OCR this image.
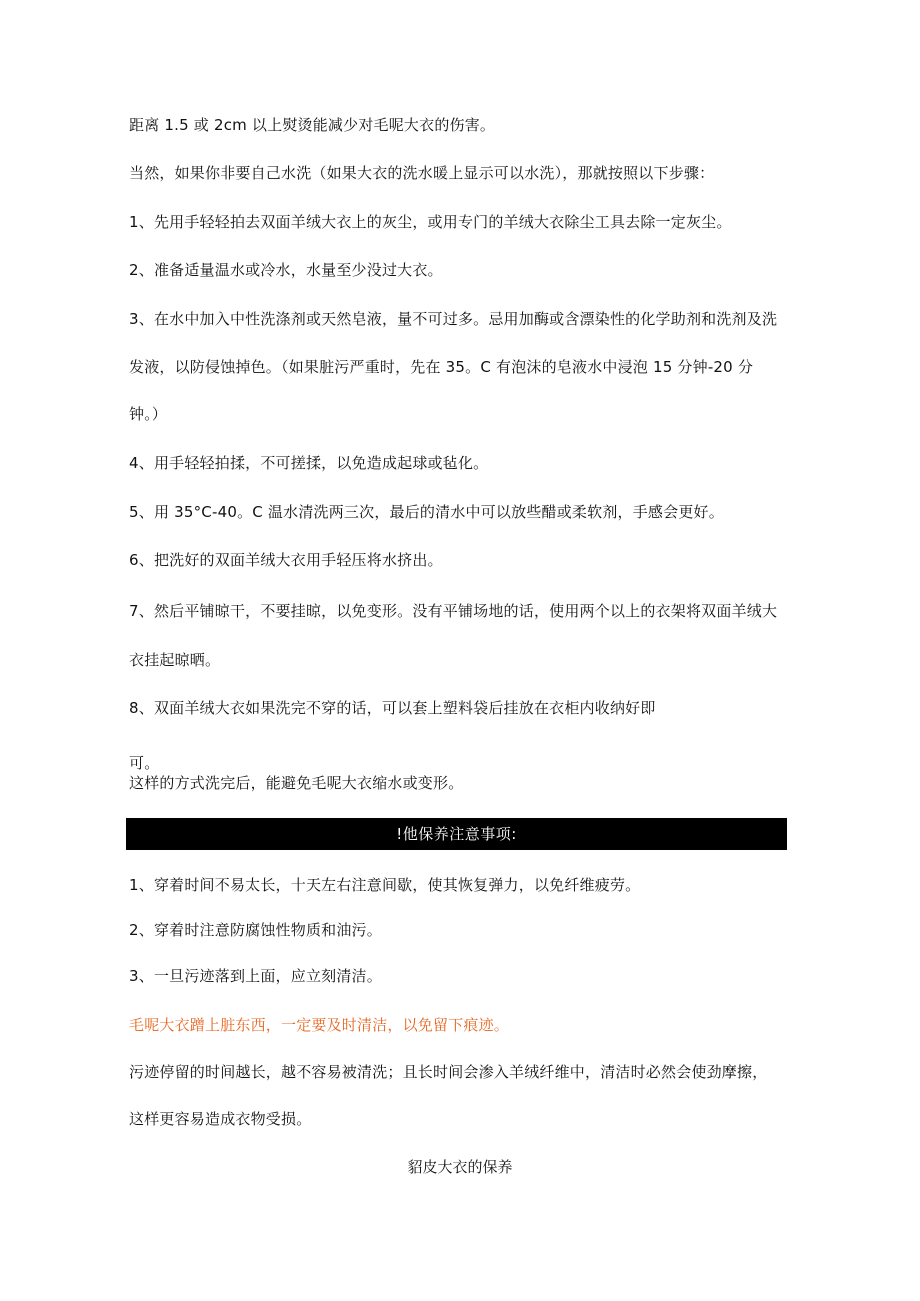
距离 1.5 或 2cm 以上熨烫能减少对毛呢大衣的伤害。
当然，如果你非要自己水洗（如果大衣的洗水暖上显示可以水洗），那就按照以下步骤：
1、先用手轻轻拍去双面羊绒大衣上的灰尘，或用专门的羊绒大衣除尘工具去除一定灰尘。
2、准备适量温水或冷水，水量至少没过大衣。
3、在水中加入中性洗涤剂或天然皂液，量不可过多。忌用加酶或含漂染性的化学助剂和洗剂及洗
发液，以防侵蚀掉色。（如果脏污严重时，先在 35。C 有泡沫的皂液水中浸泡 15 分钟-20 分
钟。）
4、用手轻轻拍揉，不可搓揉，以免造成起球或毡化。
5、用 35°C-40。C 温水清洗两三次，最后的清水中可以放些醋或柔软剂，手感会更好。
6、把洗好的双面羊绒大衣用手轻压将水挤出。
7、然后平铺晾干，不要挂晾，以免变形。没有平铺场地的话，使用两个以上的衣架将双面羊绒大
衣挂起晾晒。
8、双面羊绒大衣如果洗完不穿的话，可以套上塑料袋后挂放在衣柜内收纳好即
可。
这样的方式洗完后，能避免毛呢大衣缩水或变形。
!他保养注意事项:
1、穿着时间不易太长，十天左右注意间歇，使其恢复弹力，以免纤维疲劳。
2、穿着时注意防腐蚀性物质和油污。
3、一旦污迹落到上面，应立刻清洁。
毛呢大衣蹭上脏东西，一定要及时清洁，以免留下痕迹。
污迹停留的时间越长，越不容易被清洗；且长时间会渗入羊绒纤维中，清洁时必然会使劲摩擦，
这样更容易造成衣物受损。
貂皮大衣的保养
